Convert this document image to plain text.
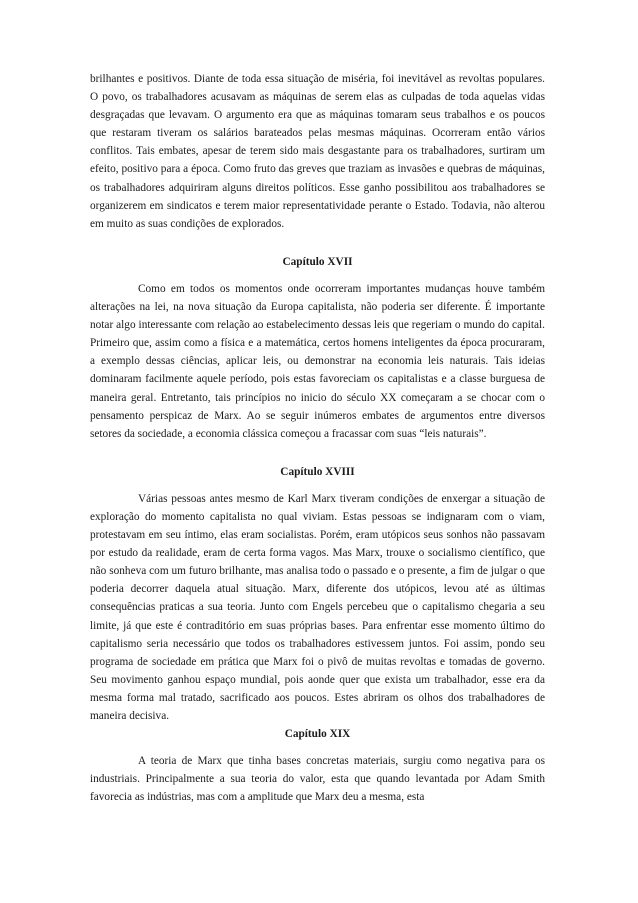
brilhantes e positivos. Diante de toda essa situação de miséria, foi inevitável as revoltas populares. O povo, os trabalhadores acusavam as máquinas de serem elas as culpadas de toda aquelas vidas desgraçadas que levavam. O argumento era que as máquinas tomaram seus trabalhos e os poucos que restaram tiveram os salários barateados pelas mesmas máquinas. Ocorreram então vários conflitos. Tais embates, apesar de terem sido mais desgastante para os trabalhadores, surtiram um efeito, positivo para a época. Como fruto das greves que traziam as invasões e quebras de máquinas, os trabalhadores adquiriram alguns direitos políticos. Esse ganho possibilitou aos trabalhadores se organizerem em sindicatos e terem maior representatividade perante o Estado. Todavia, não alterou em muito as suas condições de explorados.

Capítulo XVII

Como em todos os momentos onde ocorreram importantes mudanças houve também alterações na lei, na nova situação da Europa capitalista, não poderia ser diferente. É importante notar algo interessante com relação ao estabelecimento dessas leis que regeriam o mundo do capital. Primeiro que, assim como a física e a matemática, certos homens inteligentes da época procuraram, a exemplo dessas ciências, aplicar leis, ou demonstrar na economia leis naturais. Tais ideias dominaram facilmente aquele período, pois estas favoreciam os capitalistas e a classe burguesa de maneira geral. Entretanto, tais princípios no inicio do século XX começaram a se chocar com o pensamento perspicaz de Marx. Ao se seguir inúmeros embates de argumentos entre diversos setores da sociedade, a economia clássica começou a fracassar com suas “leis naturais”.

Capítulo XVIII

Várias pessoas antes mesmo de Karl Marx tiveram condições de enxergar a situação de exploração do momento capitalista no qual viviam. Estas pessoas se indignaram com o viam, protestavam em seu íntimo, elas eram socialistas. Porém, eram utópicos seus sonhos não passavam por estudo da realidade, eram de certa forma vagos. Mas Marx, trouxe o socialismo científico, que não sonheva com um futuro brilhante, mas analisa todo o passado e o presente, a fim de julgar o que poderia decorrer daquela atual situação. Marx, diferente dos utópicos, levou até as últimas consequências praticas a sua teoria. Junto com Engels percebeu que o capitalismo chegaria a seu limite, já que este é contraditório em suas próprias bases. Para enfrentar esse momento último do capitalismo seria necessário que todos os trabalhadores estivessem juntos. Foi assim, pondo seu programa de sociedade em prática que Marx foi o pivô de muitas revoltas e tomadas de governo. Seu movimento ganhou espaço mundial, pois aonde quer que exista um trabalhador, esse era da mesma forma mal tratado, sacrificado aos poucos. Estes abriram os olhos dos trabalhadores de maneira decisiva.

Capítulo XIX

A teoria de Marx que tinha bases concretas materiais, surgiu como negativa para os industriais. Principalmente a sua teoria do valor, esta que quando levantada por Adam Smith favorecia as indústrias, mas com a amplitude que Marx deu a mesma, esta
